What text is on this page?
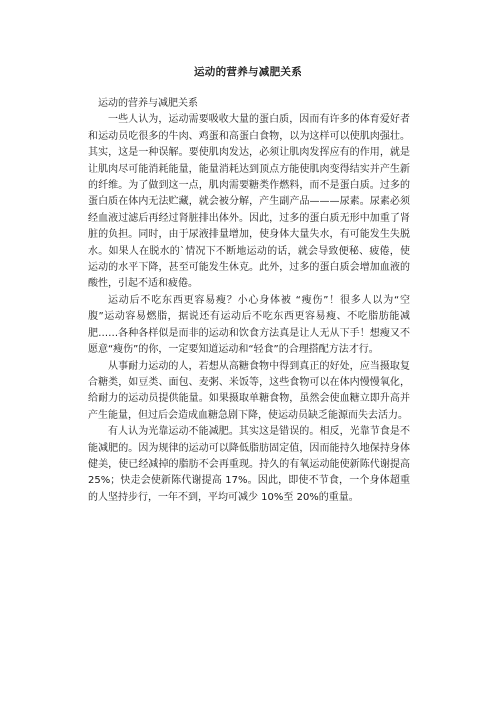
运动的营养与减肥关系

运动的营养与减肥关系

一些人认为，运动需要吸收大量的蛋白质，因而有许多的体育爱好者和运动员吃很多的牛肉、鸡蛋和高蛋白食物，以为这样可以使肌肉强壮。其实，这是一种误解。要使肌肉发达，必须让肌肉发挥应有的作用，就是让肌肉尽可能消耗能量，能量消耗达到顶点方能使肌肉变得结实并产生新的纤维。为了做到这一点，肌肉需要糖类作燃料，而不是蛋白质。过多的蛋白质在体内无法贮藏，就会被分解，产生副产品———尿素。尿素必须经血液过滤后再经过肾脏排出体外。因此，过多的蛋白质无形中加重了肾脏的负担。同时，由于尿液排量增加，使身体大量失水，有可能发生失脱水。如果人在脱水的`情况下不断地运动的话，就会导致便秘、疲倦，使运动的水平下降，甚至可能发生休克。此外，过多的蛋白质会增加血液的酸性，引起不适和疲倦。

运动后不吃东西更容易瘦？小心身体被 “瘦伤”！很多人以为“空腹”运动容易燃脂，据说还有运动后不吃东西更容易瘦、不吃脂肪能减肥……各种各样似是而非的运动和饮食方法真是让人无从下手！想瘦又不愿意“瘦伤”的你，一定要知道运动和“轻食”的合理搭配方法才行。

从事耐力运动的人，若想从高糖食物中得到真正的好处，应当摄取复合糖类，如豆类、面包、麦粥、米饭等，这些食物可以在体内慢慢氧化，给耐力的运动员提供能量。如果摄取单糖食物，虽然会使血糖立即升高并产生能量，但过后会造成血糖急剧下降，使运动员缺乏能源而失去活力。

有人认为光靠运动不能减肥。其实这是错误的。相反，光靠节食是不能减肥的。因为规律的运动可以降低脂肪固定值，因而能持久地保持身体健美，使已经减掉的脂肪不会再重现。持久的有氧运动能使新陈代谢提高 25%；快走会使新陈代谢提高 17%。因此，即使不节食，一个身体超重的人坚持步行，一年不到，平均可减少 10%至 20%的重量。
